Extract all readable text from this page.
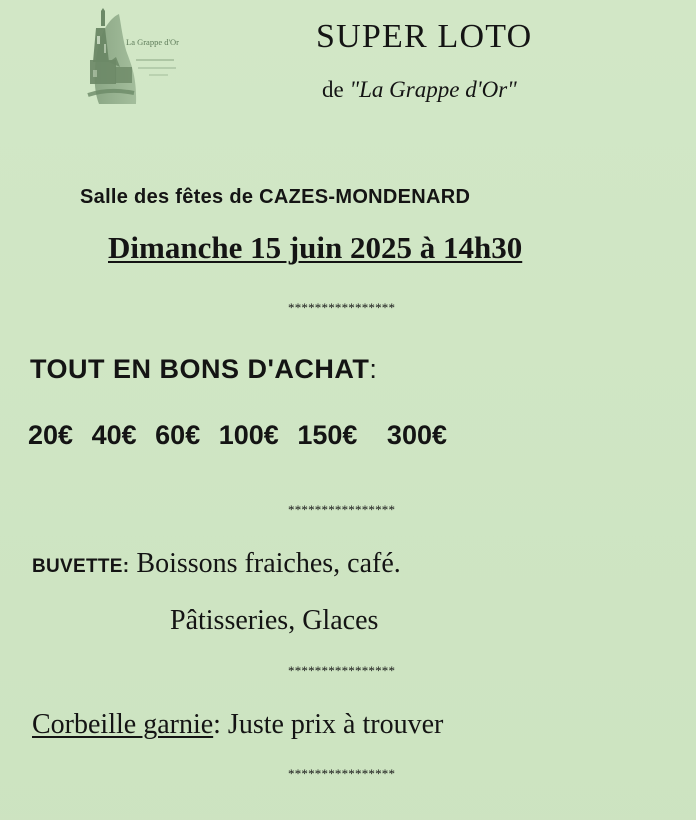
La Grappe d'Or	SUPER LOTO
de "La Grappe d'Or"
Salle des fêtes de CAZES-MONDENARD
Dimanche 15 juin 2025 à 14h30
****************
TOUT EN BONS D'ACHAT:
20€ 40€ 60€ 100€ 150€ 300€
****************
BUVETTE: Boissons fraiches, café.
Pâtisseries, Glaces
****************
Corbeille garnie: Juste prix à trouver
****************
